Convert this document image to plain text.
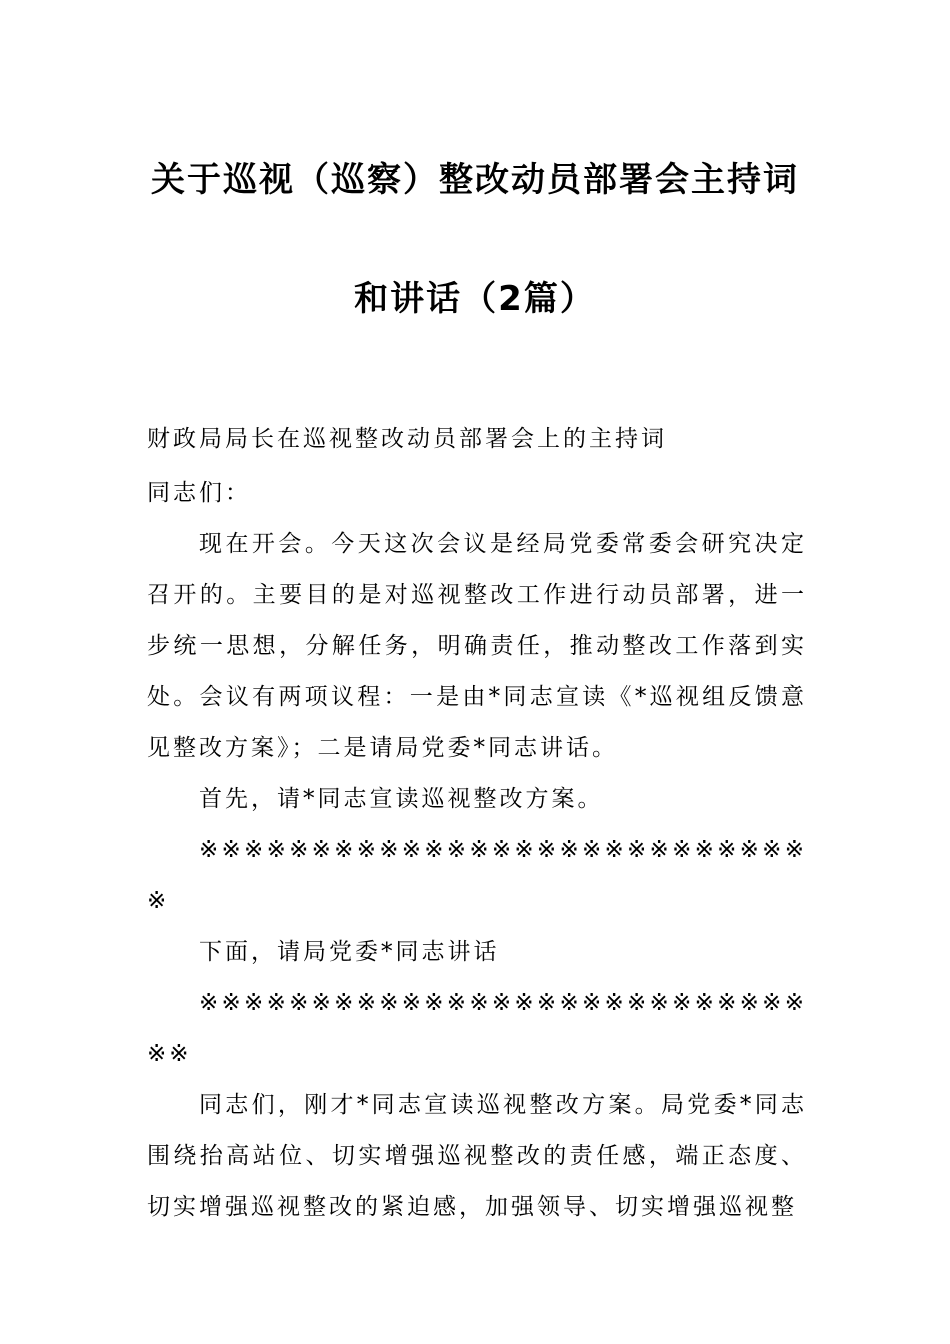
关于巡视（巡察）整改动员部署会主持词
和讲话（2篇）

财政局局长在巡视整改动员部署会上的主持词

同志们：

现在开会。今天这次会议是经局党委常委会研究决定召开的。主要目的是对巡视整改工作进行动员部署，进一步统一思想，分解任务，明确责任，推动整改工作落到实处。会议有两项议程：一是由*同志宣读《*巡视组反馈意见整改方案》；二是请局党委*同志讲话。

首先，请*同志宣读巡视整改方案。

※※※※※※※※※※※※※※※※※※※※※※※※※※※※

下面，请局党委*同志讲话

※※※※※※※※※※※※※※※※※※※※※※※※※※※※※

同志们，刚才*同志宣读巡视整改方案。局党委*同志围绕抬高站位、切实增强巡视整改的责任感，端正态度、切实增强巡视整改的紧迫感，加强领导、切实增强巡视整
